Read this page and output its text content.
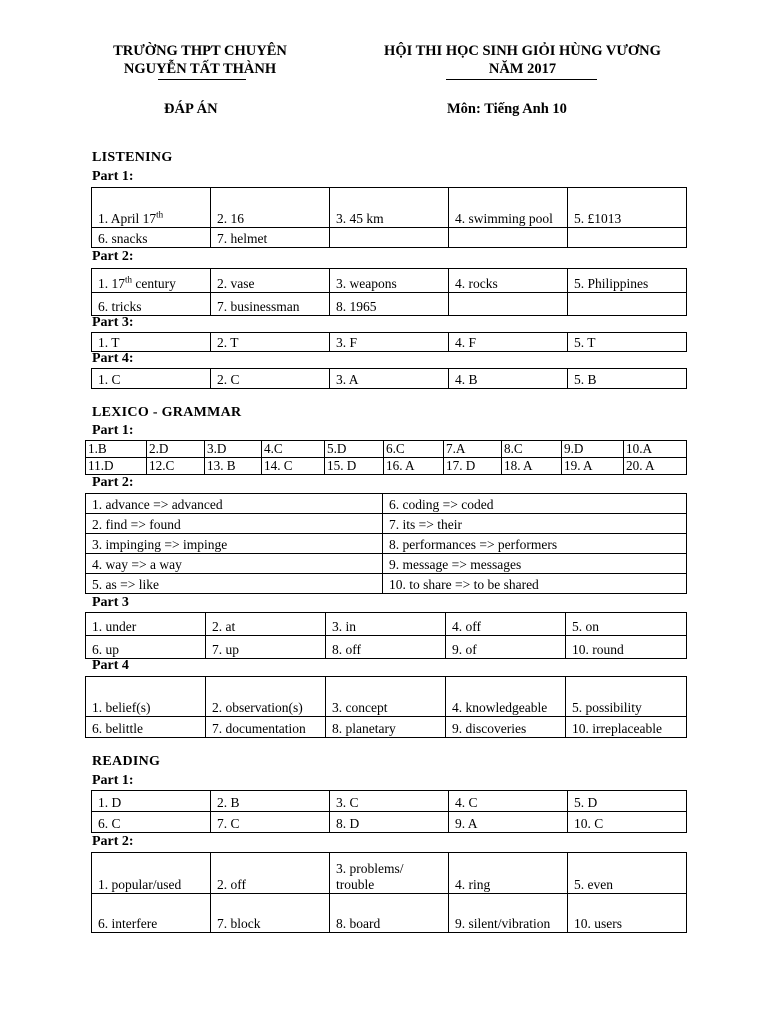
TRƯỜNG THPT CHUYÊN
NGUYỄN TẤT THÀNH
HỘI THI HỌC SINH GIỎI HÙNG VƯƠNG
NĂM 2017
ĐÁP ÁN	Môn: Tiếng Anh 10
LISTENING
Part 1:
1. April 17th	2. 16	3. 45 km	4. swimming pool	5. £1013
6. snacks	7. helmet			
Part 2:
1. 17th century	2. vase	3. weapons	4. rocks	5. Philippines
6. tricks	7. businessman	8. 1965		
Part 3:
1. T	2. T	3. F	4. F	5. T
Part 4:
1. C	2. C	3. A	4. B	5. B
LEXICO - GRAMMAR
Part 1:
1.B	2.D	3.D	4.C	5.D	6.C	7.A	8.C	9.D	10.A
11.D	12.C	13. B	14. C	15. D	16. A	17. D	18. A	19. A	20. A
Part 2:
1. advance => advanced	6. coding => coded
2. find => found	7. its => their
3. impinging => impinge	8. performances => performers
4. way => a way	9. message => messages
5. as => like	10. to share => to be shared
Part 3
1. under	2. at	3. in	4. off	5. on
6. up	7. up	8. off	9. of	10. round
Part 4
1. belief(s)	2. observation(s)	3. concept	4. knowledgeable	5. possibility
6. belittle	7. documentation	8. planetary	9. discoveries	10. irreplaceable
READING
Part 1:
1. D	2. B	3. C	4. C	5. D
6. C	7. C	8. D	9. A	10. C
Part 2:
1. popular/used	2. off	3. problems/ trouble	4. ring	5. even
6. interfere	7. block	8. board	9. silent/vibration	10. users
